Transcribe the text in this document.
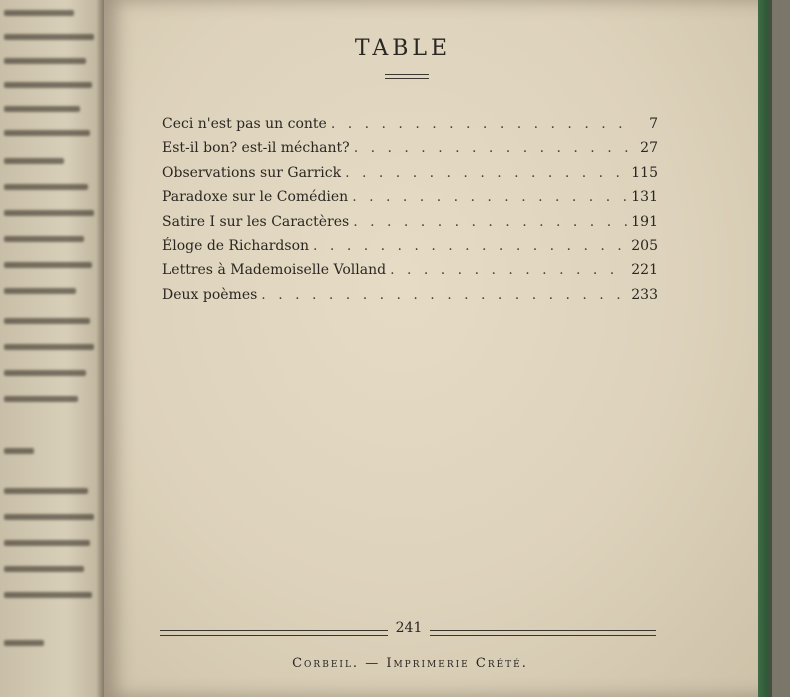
TABLE
Ceci n'est pas un conte . . .	7
Est-il bon? est-il méchant? . . .	27
Observations sur Garrick . . .	115
Paradoxe sur le Comédien . . .	131
Satire I sur les Caractères . . .	191
Éloge de Richardson . . .	205
Lettres à Mademoiselle Volland . . .	221
Deux poèmes . . .	233
241
Corbeil. — Imprimerie Crété.
